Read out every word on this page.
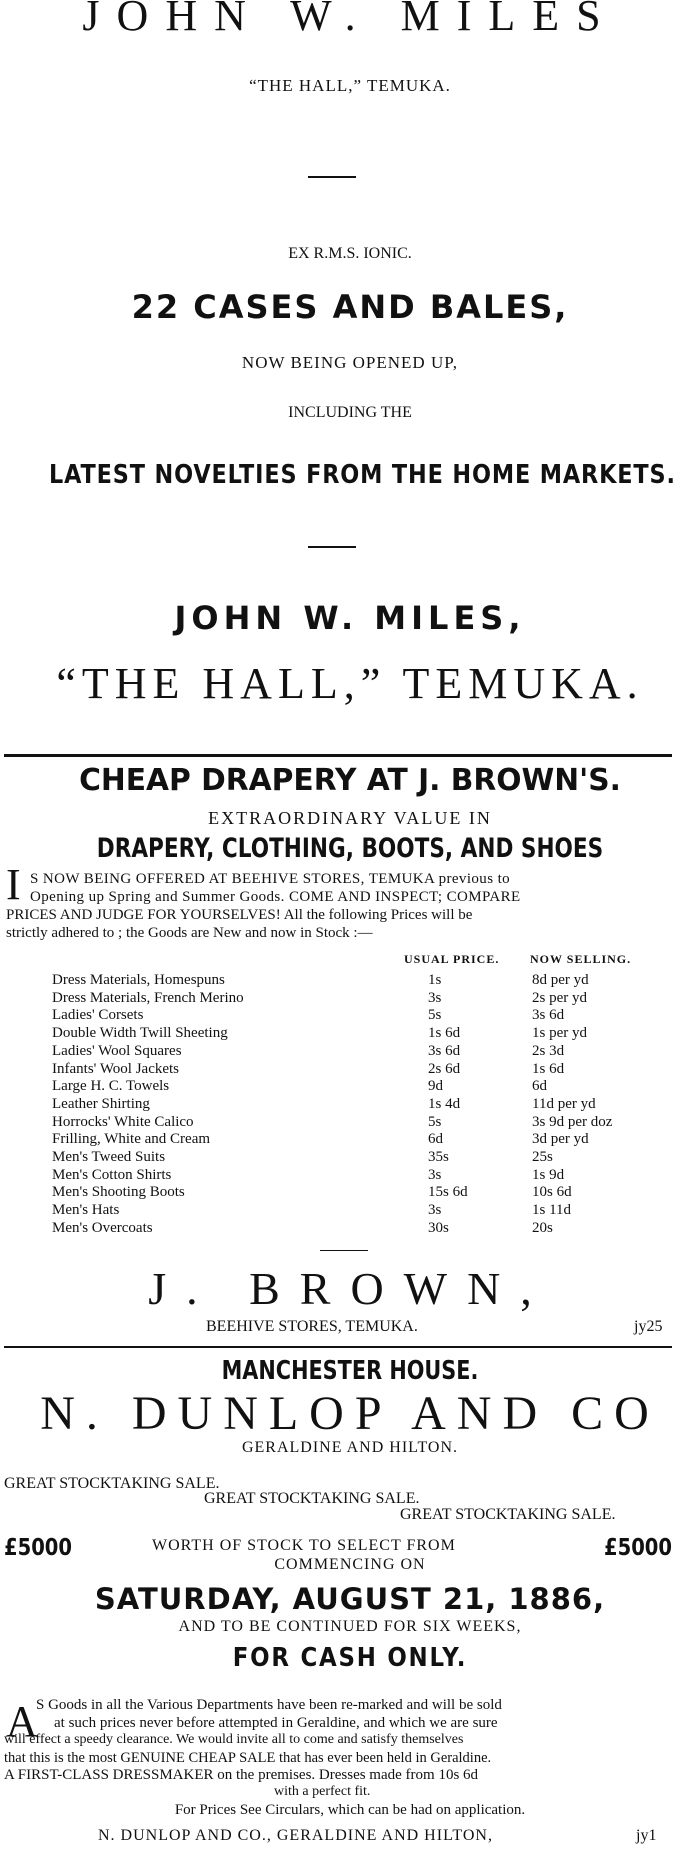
JOHN W. MILES
“THE HALL,” TEMUKA.
EX R.M.S. IONIC.
22 CASES AND BALES,
NOW BEING OPENED UP,
INCLUDING THE
LATEST NOVELTIES FROM THE HOME MARKETS.
JOHN W. MILES,
“THE HALL,” TEMUKA.
CHEAP DRAPERY AT J. BROWN'S.
EXTRAORDINARY VALUE IN
DRAPERY, CLOTHING, BOOTS, AND SHOES
I S NOW BEING OFFERED AT BEEHIVE STORES, TEMUKA previous to
Opening up Spring and Summer Goods. COME AND INSPECT; COMPARE
PRICES AND JUDGE FOR YOURSELVES! All the following Prices will be
strictly adhered to ; the Goods are New and now in Stock :—
USUAL PRICE.	NOW SELLING.
Dress Materials, Homespuns	1s	8d per yd
Dress Materials, French Merino	3s	2s per yd
Ladies' Corsets	5s	3s 6d
Double Width Twill Sheeting	1s 6d	1s per yd
Ladies' Wool Squares	3s 6d	2s 3d
Infants' Wool Jackets	2s 6d	1s 6d
Large H. C. Towels	9d	6d
Leather Shirting	1s 4d	11d per yd
Horrocks' White Calico	5s	3s 9d per doz
Frilling, White and Cream	6d	3d per yd
Men's Tweed Suits	35s	25s
Men's Cotton Shirts	3s	1s 9d
Men's Shooting Boots	15s 6d	10s 6d
Men's Hats	3s	1s 11d
Men's Overcoats	30s	20s
J. BROWN,
BEEHIVE STORES, TEMUKA.	jy25
MANCHESTER HOUSE.
N. DUNLOP AND CO
GERALDINE AND HILTON.
GREAT STOCKTAKING SALE.
GREAT STOCKTAKING SALE.
GREAT STOCKTAKING SALE.
£5000	WORTH OF STOCK TO SELECT FROM	£5000
COMMENCING ON
SATURDAY, AUGUST 21, 1886,
AND TO BE CONTINUED FOR SIX WEEKS,
FOR CASH ONLY.
A
S Goods in all the Various Departments have been re-marked and will be sold
at such prices never before attempted in Geraldine, and which we are sure
will effect a speedy clearance. We would invite all to come and satisfy themselves
that this is the most GENUINE CHEAP SALE that has ever been held in Geraldine.
A FIRST-CLASS DRESSMAKER on the premises. Dresses made from 10s 6d
with a perfect fit.
For Prices See Circulars, which can be had on application.
N. DUNLOP AND CO., GERALDINE AND HILTON,	jy1
